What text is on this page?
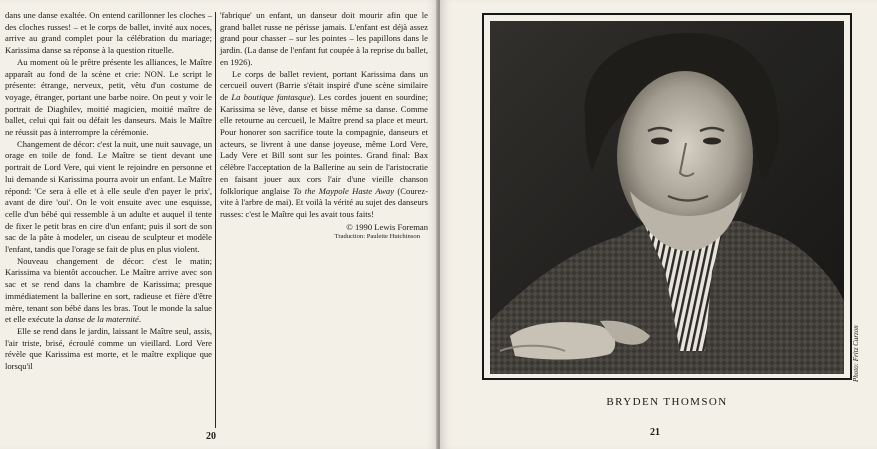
dans une danse exaltée. On entend carillonner les cloches – des cloches russes! – et le corps de ballet, invité aux noces, arrive au grand complet pour la célébration du mariage; Karissima danse sa réponse à la question rituelle.

Au moment où le prêtre présente les alliances, le Maître apparaît au fond de la scène et crie: NON. Le script le présente: étrange, nerveux, petit, vêtu d'un costume de voyage, étranger, portant une barbe noire. On peut y voir le portrait de Diaghilev, moitié magicien, moitié maître de ballet, celui qui fait ou défait les danseurs. Mais le Maître ne réussit pas à interrompre la cérémonie.

Changement de décor: c'est la nuit, une nuit sauvage, un orage en toile de fond. Le Maître se tient devant une portrait de Lord Vere, qui vient le rejoindre en personne et lui demande si Karissima pourra avoir un enfant. Le Maître répond: 'Ce sera à elle et à elle seule d'en payer le prix', avant de dire 'oui'. On le voit ensuite avec une esquisse, celle d'un bébé qui ressemble à un adulte et auquel il tente de fixer le petit bras en cire d'un enfant; puis il sort de son sac de la pâte à modeler, un ciseau de sculpteur et modèle l'enfant, tandis que l'orage se fait de plus en plus violent.

Nouveau changement de décor: c'est le matin; Karissima va bientôt accoucher. Le Maître arrive avec son sac et se rend dans la chambre de Karissima; presque immédiatement la ballerine en sort, radieuse et fière d'être mère, tenant son bébé dans les bras. Tout le monde la salue et elle exécute la danse de la maternité.

Elle se rend dans le jardin, laissant le Maître seul, assis, l'air triste, brisé, écroulé comme un vieillard. Lord Vere révèle que Karissima est morte, et le maître explique que lorsqu'il

'fabrique' un enfant, un danseur doit mourir afin que le grand ballet russe ne périsse jamais. L'enfant est déjà assez grand pour chasser – sur les pointes – les papillons dans le jardin. (La danse de l'enfant fut coupée à la reprise du ballet, en 1926).

Le corps de ballet revient, portant Karissima dans un cercueil ouvert (Barrie s'était inspiré d'une scène similaire de La boutique fantasque). Les cordes jouent en sourdine; Karissima se lève, danse et bisse même sa danse. Comme elle retourne au cercueil, le Maître prend sa place et meurt. Pour honorer son sacrifice toute la compagnie, danseurs et acteurs, se livrent à une danse joyeuse, même Lord Vere, Lady Vere et Bill sont sur les pointes. Grand final: Bax célèbre l'acceptation de la Ballerine au sein de l'aristocratie en faisant jouer aux cors l'air d'une vieille chanson folklorique anglaise To the Maypole Haste Away (Courez-vite à l'arbre de mai). Et voilà la vérité au sujet des danseurs russes: c'est le Maître qui les avait tous faits!

© 1990 Lewis Foreman
Traduction: Paulette Hutchinson
20
Photo: Fritz Curzon
BRYDEN THOMSON
21
